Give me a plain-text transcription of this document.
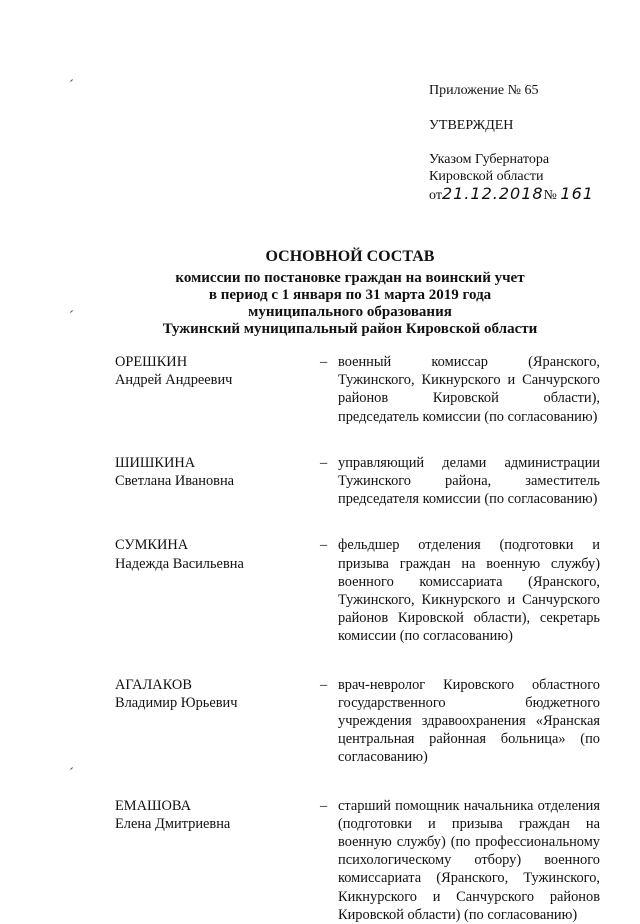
Приложение № 65
УТВЕРЖДЕН
Указом Губернатора
Кировской области
от21.12.2018№ 161
ОСНОВНОЙ СОСТАВ
комиссии по постановке граждан на воинский учет
в период с 1 января по 31 марта 2019 года
муниципального образования
Тужинский муниципальный район Кировской области
ОРЕШКИН
Андрей Андреевич
– военный комиссар (Яранского, Тужинского, Кикнурского и Санчурского районов Кировской области), председатель комиссии (по согласованию)
ШИШКИНА
Светлана Ивановна
– управляющий делами администрации Тужинского района, заместитель председателя комиссии (по согласованию)
СУМКИНА
Надежда Васильевна
– фельдшер отделения (подготовки и призыва граждан на военную службу) военного комиссариата (Яранского, Тужинского, Кикнурского и Санчурского районов Кировской области), секретарь комиссии (по согласованию)
АГАЛАКОВ
Владимир Юрьевич
– врач-невролог Кировского областного государственного бюджетного учреждения здравоохранения «Яранская центральная районная больница» (по согласованию)
ЕМАШОВА
Елена Дмитриевна
– старший помощник начальника отделения (подготовки и призыва граждан на военную службу) (по профессиональному психологическому отбору) военного комиссариата (Яранского, Тужинского, Кикнурского и Санчурского районов Кировской области) (по согласованию)
